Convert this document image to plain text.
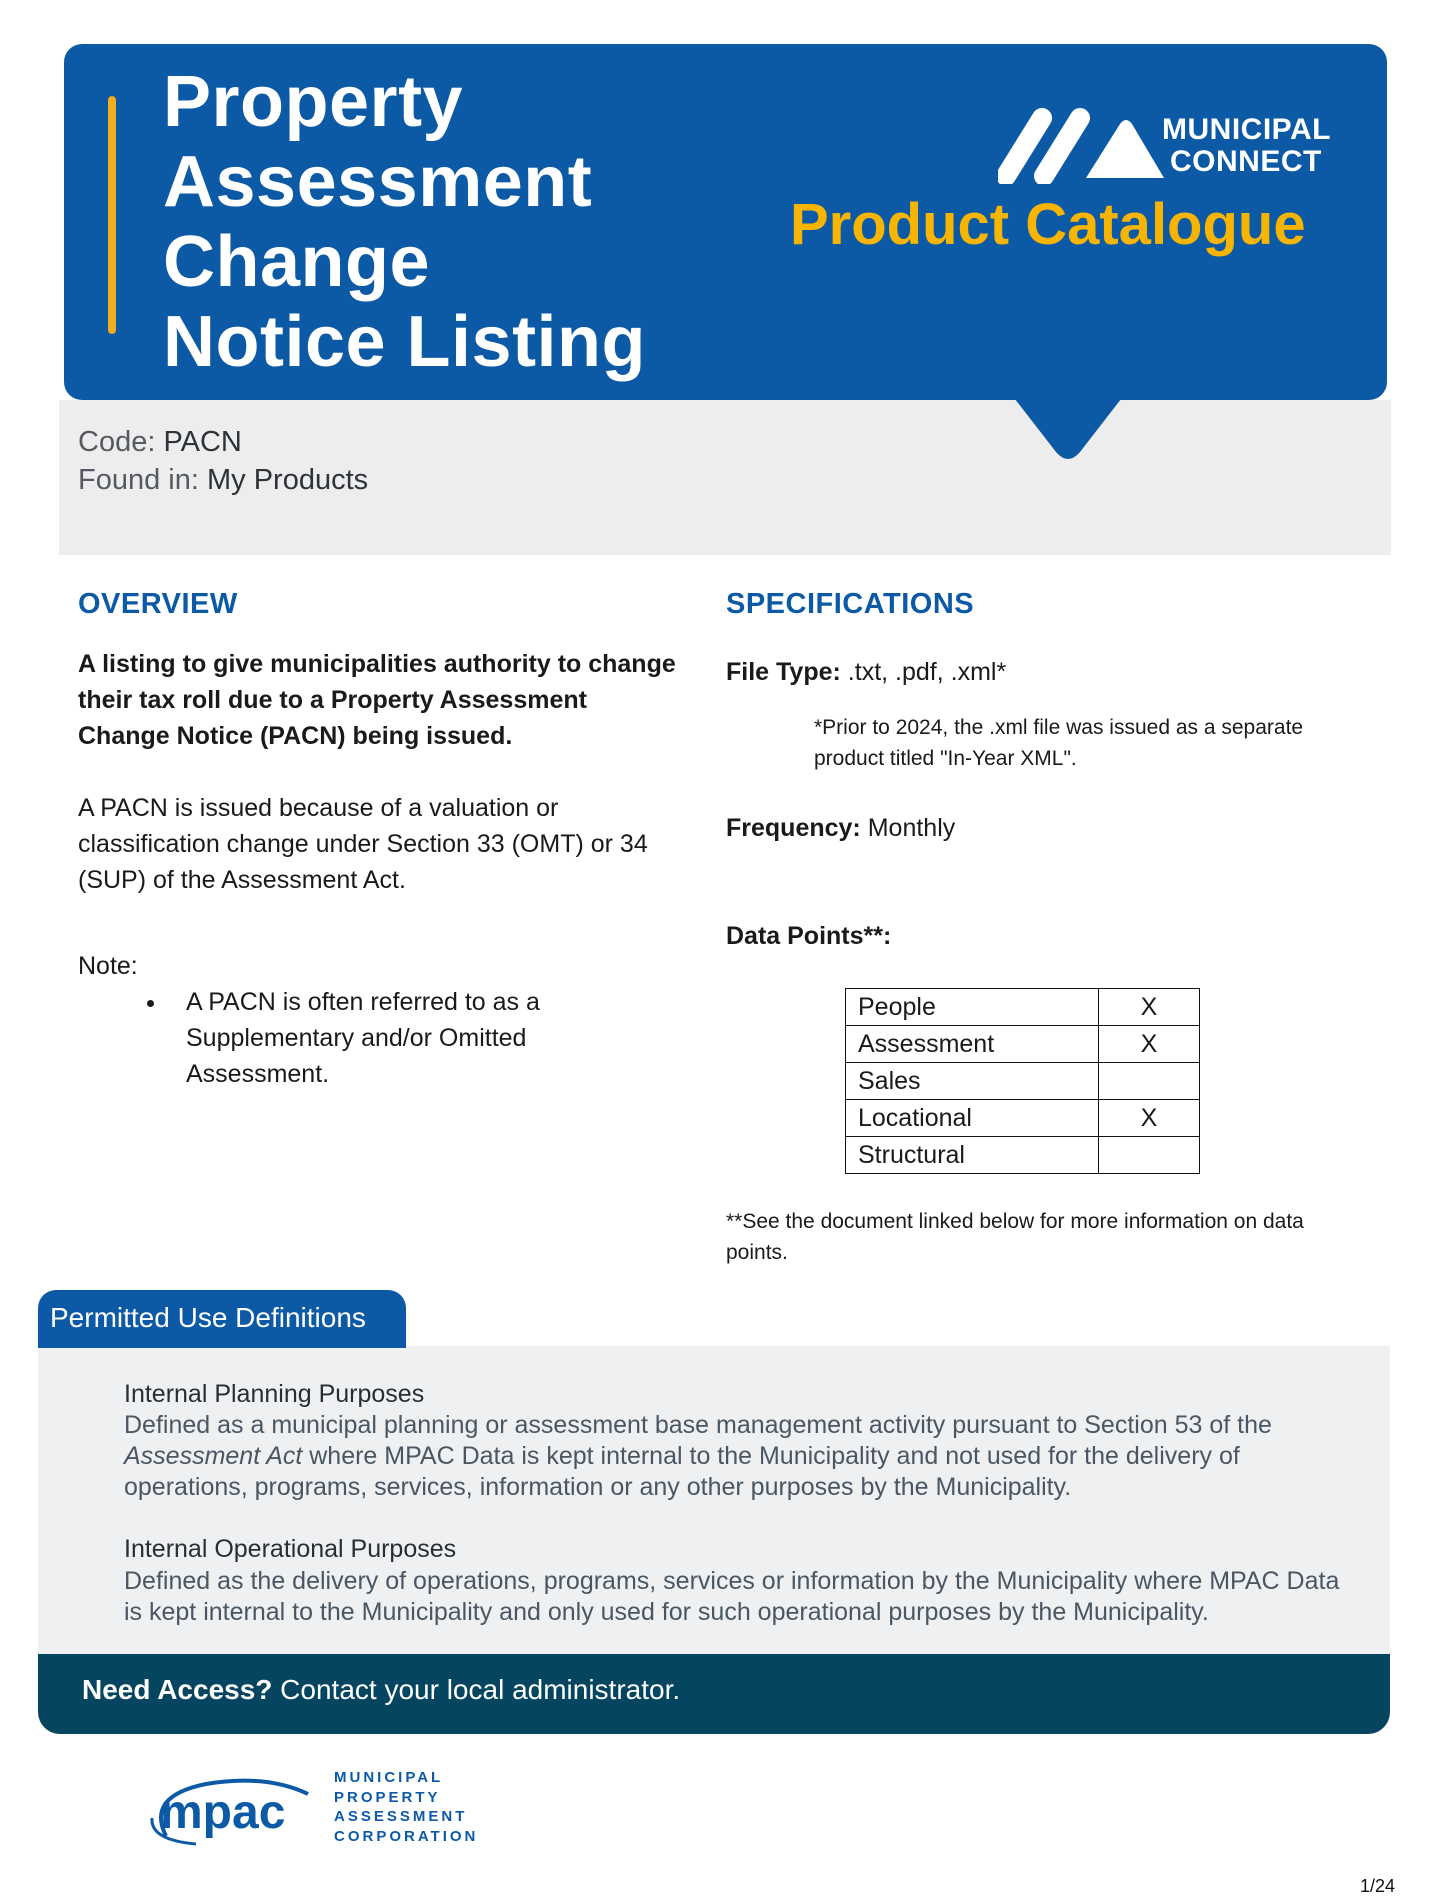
Property
Assessment
Change
Notice Listing
MUNICIPAL
CONNECT
Product Catalogue
Code: PACN
Found in: My Products
OVERVIEW
A listing to give municipalities authority to change their tax roll due to a Property Assessment Change Notice (PACN) being issued.
A PACN is issued because of a valuation or classification change under Section 33 (OMT) or 34 (SUP) of the Assessment Act.
Note:
• A PACN is often referred to as a Supplementary and/or Omitted Assessment.
SPECIFICATIONS
File Type: .txt, .pdf, .xml*
*Prior to 2024, the .xml file was issued as a separate product titled "In-Year XML".
Frequency: Monthly
Data Points**:
People	X
Assessment	X
Sales	
Locational	X
Structural	
**See the document linked below for more information on data points.
Permitted Use Definitions
Internal Planning Purposes
Defined as a municipal planning or assessment base management activity pursuant to Section 53 of the Assessment Act where MPAC Data is kept internal to the Municipality and not used for the delivery of operations, programs, services, information or any other purposes by the Municipality.
Internal Operational Purposes
Defined as the delivery of operations, programs, services or information by the Municipality where MPAC Data is kept internal to the Municipality and only used for such operational purposes by the Municipality.
Need Access? Contact your local administrator.
mpac
MUNICIPAL
PROPERTY
ASSESSMENT
CORPORATION
1/24
